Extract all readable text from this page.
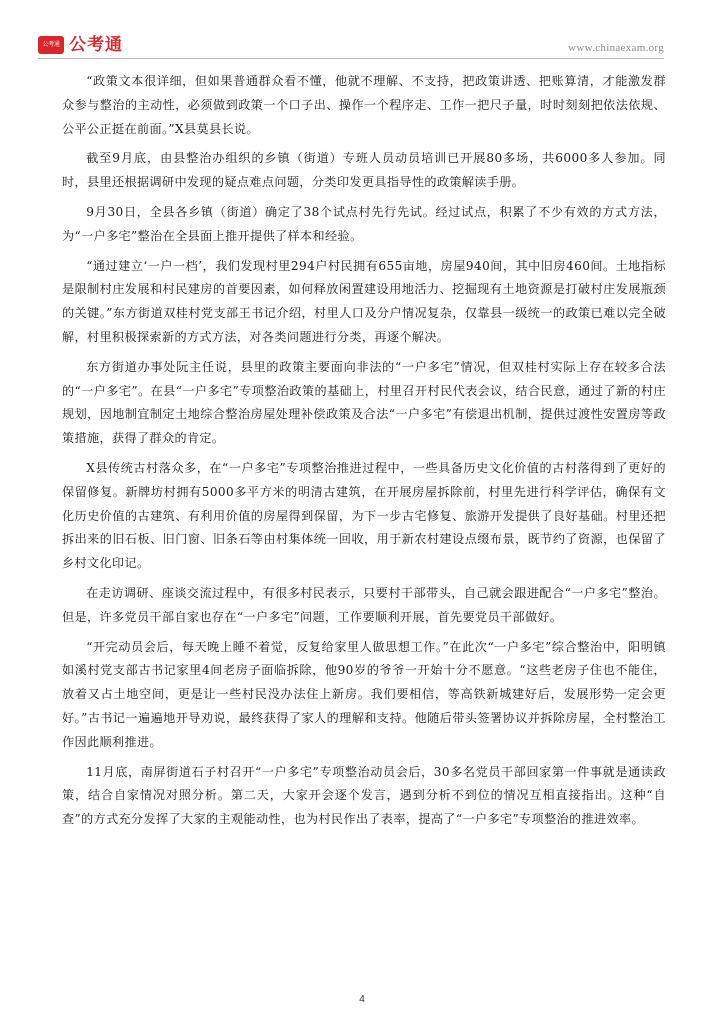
公考通 公考通	www.chinaexam.org

“政策文本很详细，但如果普通群众看不懂，他就不理解、不支持，把政策讲透、把账算清，才能激发群众参与整治的主动性，必须做到政策一个口子出、操作一个程序走、工作一把尺子量，时时刻刻把依法依规、公平公正挺在前面。”X县莫县长说。

截至9月底，由县整治办组织的乡镇（街道）专班人员动员培训已开展80多场，共6000多人参加。同时，县里还根据调研中发现的疑点难点问题，分类印发更具指导性的政策解读手册。

9月30日，全县各乡镇（街道）确定了38个试点村先行先试。经过试点，积累了不少有效的方式方法，为“一户多宅”整治在全县面上推开提供了样本和经验。

“通过建立‘一户一档’，我们发现村里294户村民拥有655亩地，房屋940间，其中旧房460间。土地指标是限制村庄发展和村民建房的首要因素，如何释放闲置建设用地活力、挖掘现有土地资源是打破村庄发展瓶颈的关键。”东方街道双桂村党支部王书记介绍，村里人口及分户情况复杂，仅靠县一级统一的政策已难以完全破解，村里积极探索新的方式方法，对各类问题进行分类，再逐个解决。

东方街道办事处阮主任说，县里的政策主要面向非法的“一户多宅”情况，但双桂村实际上存在较多合法的“一户多宅”。在县“一户多宅”专项整治政策的基础上，村里召开村民代表会议，结合民意，通过了新的村庄规划，因地制宜制定土地综合整治房屋处理补偿政策及合法“一户多宅”有偿退出机制，提供过渡性安置房等政策措施，获得了群众的肯定。

X县传统古村落众多，在“一户多宅”专项整治推进过程中，一些具备历史文化价值的古村落得到了更好的保留修复。新牌坊村拥有5000多平方米的明清古建筑，在开展房屋拆除前，村里先进行科学评估，确保有文化历史价值的古建筑、有利用价值的房屋得到保留，为下一步古宅修复、旅游开发提供了良好基础。村里还把拆出来的旧石板、旧门窗、旧条石等由村集体统一回收，用于新农村建设点缀布景，既节约了资源，也保留了乡村文化印记。

在走访调研、座谈交流过程中，有很多村民表示，只要村干部带头，自己就会跟进配合“一户多宅”整治。但是，许多党员干部自家也存在“一户多宅”问题，工作要顺利开展，首先要党员干部做好。

“开完动员会后，每天晚上睡不着觉，反复给家里人做思想工作。”在此次“一户多宅”综合整治中，阳明镇如溪村党支部古书记家里4间老房子面临拆除，他90岁的爷爷一开始十分不愿意。“这些老房子住也不能住，放着又占土地空间，更是让一些村民没办法住上新房。我们要相信，等高铁新城建好后，发展形势一定会更好。”古书记一遍遍地开导劝说，最终获得了家人的理解和支持。他随后带头签署协议并拆除房屋，全村整治工作因此顺利推进。

11月底，南屏街道石子村召开“一户多宅”专项整治动员会后，30多名党员干部回家第一件事就是通读政策，结合自家情况对照分析。第二天，大家开会逐个发言，遇到分析不到位的情况互相直接指出。这种“自查”的方式充分发挥了大家的主观能动性，也为村民作出了表率，提高了“一户多宅”专项整治的推进效率。

4
